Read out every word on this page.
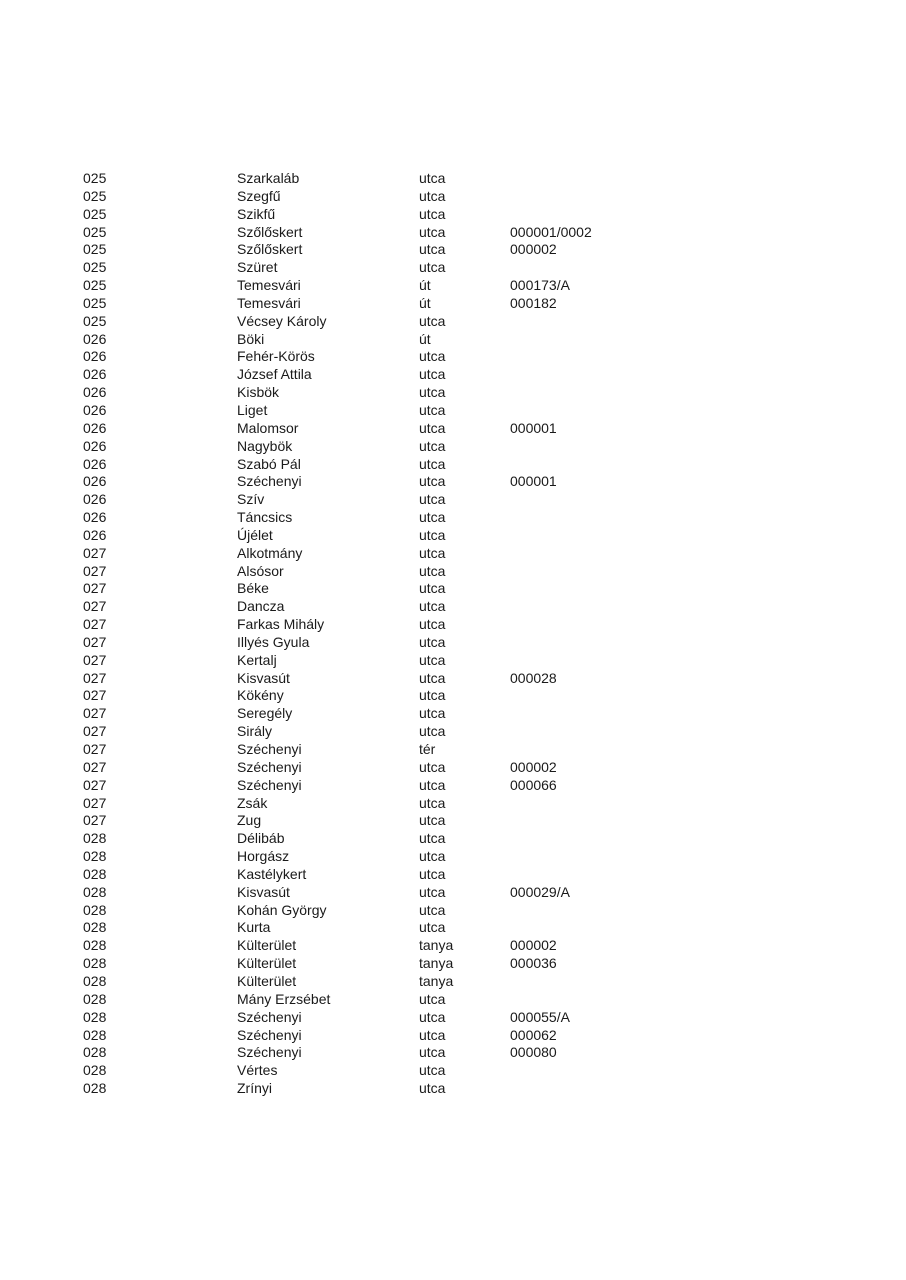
025	Szarkaláb	utca
025	Szegfű	utca
025	Szikfű	utca
025	Szőlőskert	utca	000001/0002
025	Szőlőskert	utca	000002
025	Szüret	utca
025	Temesvári	út	000173/A
025	Temesvári	út	000182
025	Vécsey Károly	utca
026	Böki	út
026	Fehér-Körös	utca
026	József Attila	utca
026	Kisbök	utca
026	Liget	utca
026	Malomsor	utca	000001
026	Nagybök	utca
026	Szabó Pál	utca
026	Széchenyi	utca	000001
026	Szív	utca
026	Táncsics	utca
026	Újélet	utca
027	Alkotmány	utca
027	Alsósor	utca
027	Béke	utca
027	Dancza	utca
027	Farkas Mihály	utca
027	Illyés Gyula	utca
027	Kertalj	utca
027	Kisvasút	utca	000028
027	Kökény	utca
027	Seregély	utca
027	Sirály	utca
027	Széchenyi	tér
027	Széchenyi	utca	000002
027	Széchenyi	utca	000066
027	Zsák	utca
027	Zug	utca
028	Délibáb	utca
028	Horgász	utca
028	Kastélykert	utca
028	Kisvasút	utca	000029/A
028	Kohán György	utca
028	Kurta	utca
028	Külterület	tanya	000002
028	Külterület	tanya	000036
028	Külterület	tanya
028	Mány Erzsébet	utca
028	Széchenyi	utca	000055/A
028	Széchenyi	utca	000062
028	Széchenyi	utca	000080
028	Vértes	utca
028	Zrínyi	utca
